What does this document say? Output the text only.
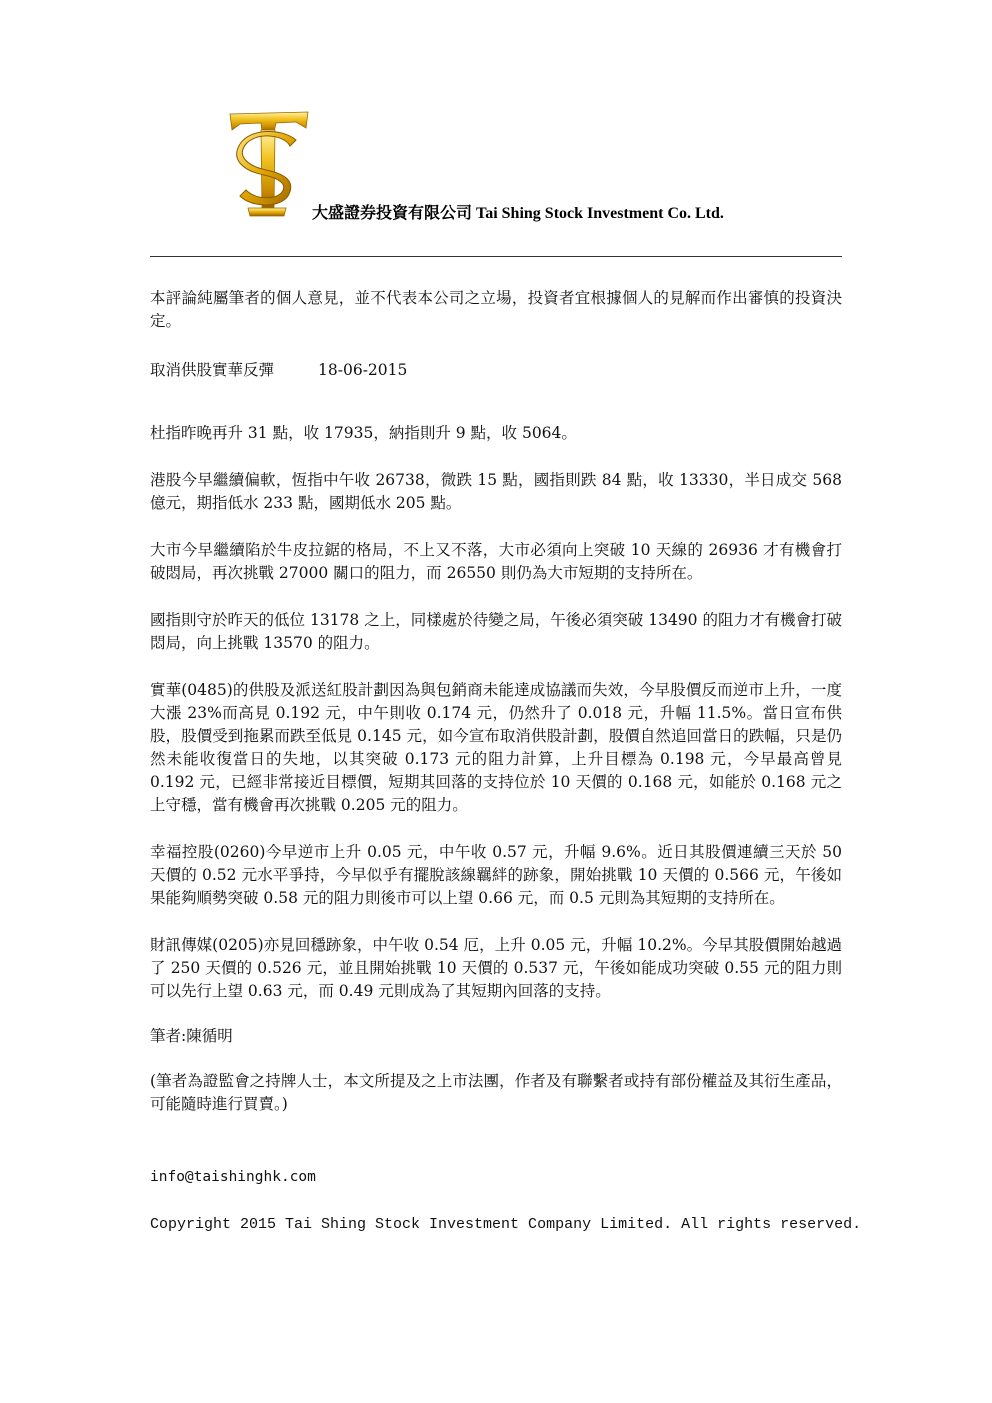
大盛證券投資有限公司 Tai Shing Stock Investment Co. Ltd.

本評論純屬筆者的個人意見，並不代表本公司之立場，投資者宜根據個人的見解而作出審慎的投資決定。

取消供股實華反彈	18-06-2015

杜指昨晚再升 31 點，收 17935，納指則升 9 點，收 5064。

港股今早繼續偏軟，恆指中午收 26738，微跌 15 點，國指則跌 84 點，收 13330，半日成交 568 億元，期指低水 233 點，國期低水 205 點。

大市今早繼續陷於牛皮拉鋸的格局，不上又不落，大市必須向上突破 10 天線的 26936 才有機會打破悶局，再次挑戰 27000 關口的阻力，而 26550 則仍為大市短期的支持所在。

國指則守於昨天的低位 13178 之上，同樣處於待變之局，午後必須突破 13490 的阻力才有機會打破悶局，向上挑戰 13570 的阻力。

實華(0485)的供股及派送紅股計劃因為與包銷商未能達成協議而失效，今早股價反而逆市上升，一度大漲 23%而高見 0.192 元，中午則收 0.174 元，仍然升了 0.018 元，升幅 11.5%。當日宣布供股，股價受到拖累而跌至低見 0.145 元，如今宣布取消供股計劃，股價自然追回當日的跌幅，只是仍然未能收復當日的失地，以其突破 0.173 元的阻力計算，上升目標為 0.198 元，今早最高曾見 0.192 元，已經非常接近目標價，短期其回落的支持位於 10 天價的 0.168 元，如能於 0.168 元之上守穩，當有機會再次挑戰 0.205 元的阻力。

幸福控股(0260)今早逆市上升 0.05 元，中午收 0.57 元，升幅 9.6%。近日其股價連續三天於 50 天價的 0.52 元水平爭持，今早似乎有擺脫該線羈絆的跡象，開始挑戰 10 天價的 0.566 元，午後如果能夠順勢突破 0.58 元的阻力則後市可以上望 0.66 元，而 0.5 元則為其短期的支持所在。

財訊傳媒(0205)亦見回穩跡象，中午收 0.54 厄，上升 0.05 元，升幅 10.2%。今早其股價開始越過了 250 天價的 0.526 元，並且開始挑戰 10 天價的 0.537 元，午後如能成功突破 0.55 元的阻力則可以先行上望 0.63 元，而 0.49 元則成為了其短期內回落的支持。

筆者:陳循明

(筆者為證監會之持牌人士，本文所提及之上市法團，作者及有聯繫者或持有部份權益及其衍生產品，可能隨時進行買賣。)

info@taishinghk.com

Copyright 2015 Tai Shing Stock Investment Company Limited. All rights reserved.
